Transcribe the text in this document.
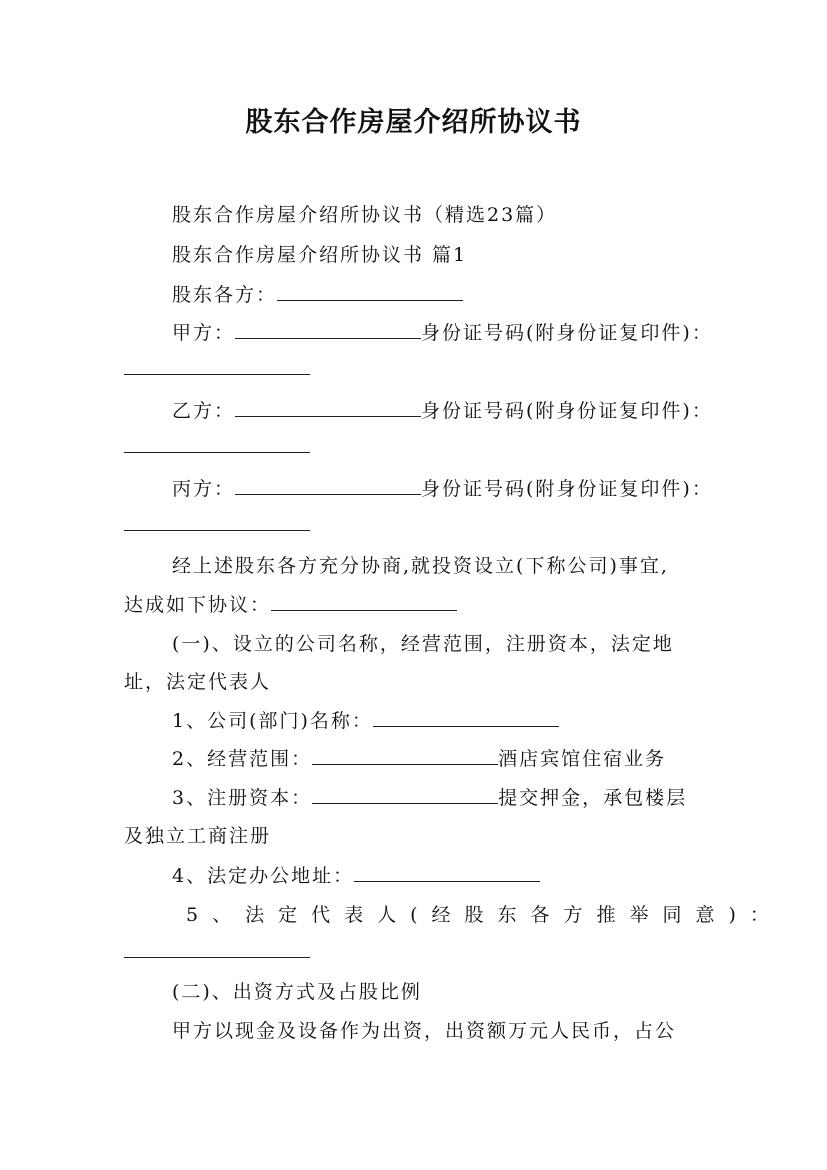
股东合作房屋介绍所协议书
股东合作房屋介绍所协议书（精选23篇）
股东合作房屋介绍所协议书 篇1
股东各方：
甲方：	身份证号码(附身份证复印件)：
乙方：	身份证号码(附身份证复印件)：
丙方：	身份证号码(附身份证复印件)：
经上述股东各方充分协商,就投资设立(下称公司)事宜,
达成如下协议：
(一)、设立的公司名称，经营范围，注册资本，法定地
址，法定代表人
1、公司(部门)名称：
2、经营范围：	酒店宾馆住宿业务
3、注册资本：	提交押金，承包楼层
及独立工商注册
4、法定办公地址：
5、法定代表人(经股东各方推举同意)：
(二)、出资方式及占股比例
甲方以现金及设备作为出资，出资额万元人民币，占公
